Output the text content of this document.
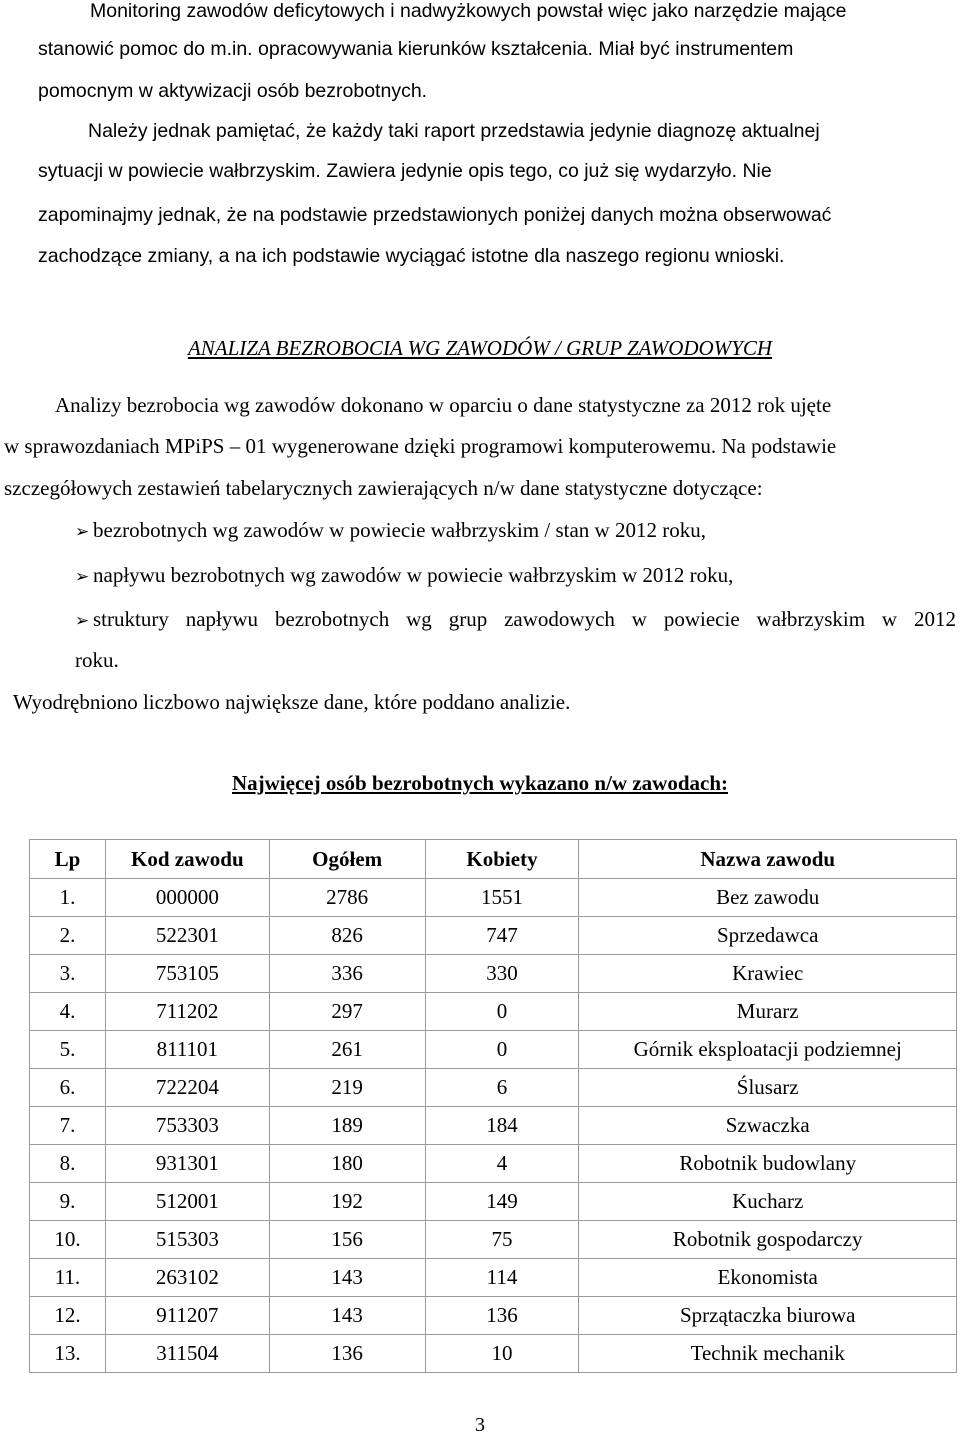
Monitoring zawodów deficytowych i nadwyżkowych powstał więc jako narzędzie mające
stanowić pomoc do m.in. opracowywania kierunków kształcenia. Miał być instrumentem
pomocnym w aktywizacji osób bezrobotnych.
Należy jednak pamiętać, że każdy taki raport przedstawia jedynie diagnozę aktualnej
sytuacji w powiecie wałbrzyskim. Zawiera jedynie opis tego, co już się wydarzyło. Nie
zapominajmy jednak, że na podstawie przedstawionych poniżej danych można obserwować
zachodzące zmiany, a na ich podstawie wyciągać istotne dla naszego regionu wnioski.
ANALIZA BEZROBOCIA WG ZAWODÓW / GRUP ZAWODOWYCH
Analizy bezrobocia wg zawodów dokonano w oparciu o dane statystyczne za 2012 rok ujęte
w sprawozdaniach MPiPS – 01 wygenerowane dzięki programowi komputerowemu. Na podstawie
szczegółowych zestawień tabelarycznych zawierających n/w dane statystyczne dotyczące:
➢ bezrobotnych wg zawodów w powiecie wałbrzyskim / stan w 2012 roku,
➢ napływu bezrobotnych wg zawodów w powiecie wałbrzyskim w 2012 roku,
➢ struktury napływu bezrobotnych wg grup zawodowych w powiecie wałbrzyskim w 2012
roku.
Wyodrębniono liczbowo największe dane, które poddano analizie.
Najwięcej osób bezrobotnych wykazano n/w zawodach:
Lp	Kod zawodu	Ogółem	Kobiety	Nazwa zawodu
1.	000000	2786	1551	Bez zawodu
2.	522301	826	747	Sprzedawca
3.	753105	336	330	Krawiec
4.	711202	297	0	Murarz
5.	811101	261	0	Górnik eksploatacji podziemnej
6.	722204	219	6	Ślusarz
7.	753303	189	184	Szwaczka
8.	931301	180	4	Robotnik budowlany
9.	512001	192	149	Kucharz
10.	515303	156	75	Robotnik gospodarczy
11.	263102	143	114	Ekonomista
12.	911207	143	136	Sprzątaczka biurowa
13.	311504	136	10	Technik mechanik
3
